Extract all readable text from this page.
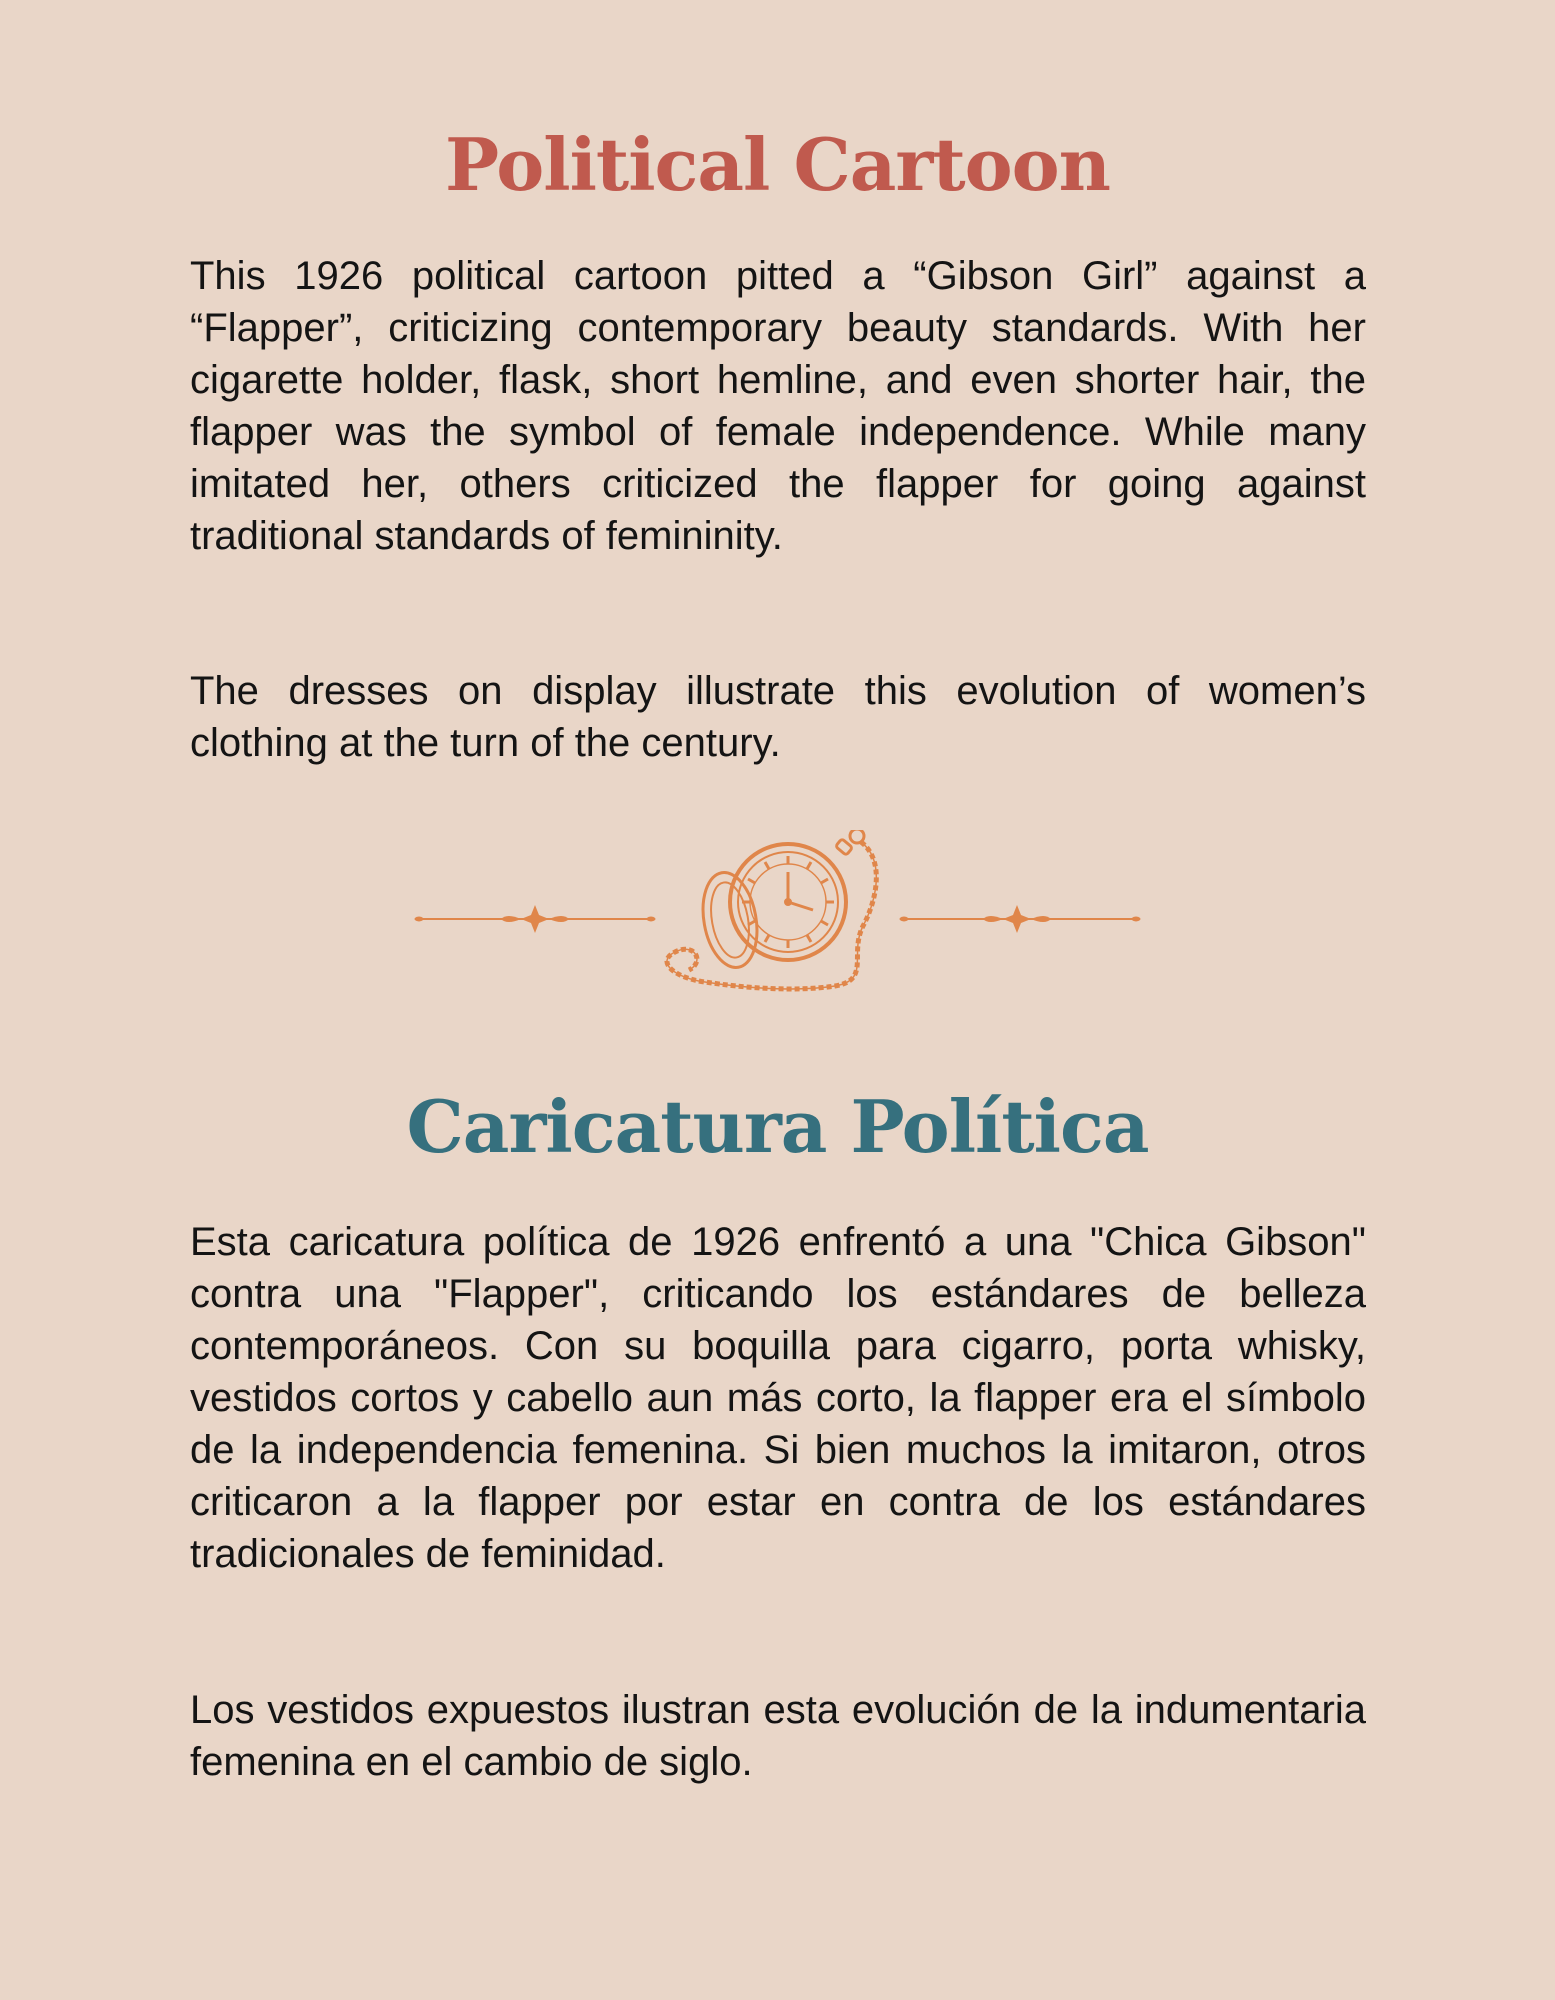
Political Cartoon

This 1926 political cartoon pitted a “Gibson Girl” against a “Flapper”, criticizing contemporary beauty standards. With her cigarette holder, flask, short hemline, and even shorter hair, the flapper was the symbol of female independence. While many imitated her, others criticized the flapper for going against traditional standards of femininity.

The dresses on display illustrate this evolution of women’s clothing at the turn of the century.

Caricatura Política

Esta caricatura política de 1926 enfrentó a una "Chica Gibson" contra una "Flapper", criticando los estándares de belleza contemporáneos. Con su boquilla para cigarro, porta whisky, vestidos cortos y cabello aun más corto, la flapper era el símbolo de la independencia femenina. Si bien muchos la imitaron, otros criticaron a la flapper por estar en contra de los estándares tradicionales de feminidad.

Los vestidos expuestos ilustran esta evolución de la indumentaria femenina en el cambio de siglo.
